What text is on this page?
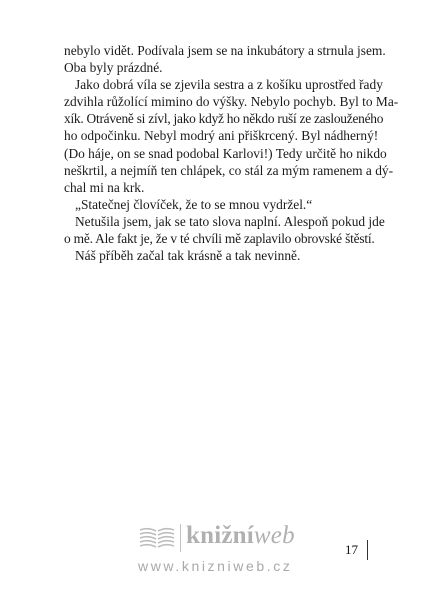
nebylo vidět. Podívala jsem se na inkubátory a strnula jsem.
Oba byly prázdné.

Jako dobrá víla se zjevila sestra a z košíku uprostřed řady
zdvihla růžolící mimino do výšky. Nebylo pochyb. Byl to Ma-
xík. Otráveně si zívl, jako když ho někdo ruší ze zaslouženého
ho odpočinku. Nebyl modrý ani přiškrcený. Byl nádherný!
(Do háje, on se snad podobal Karlovi!) Tedy určitě ho nikdo
neškrtil, a nejmíň ten chlápek, co stál za mým ramenem a dý-
chal mi na krk.

„Statečnej človíček, že to se mnou vydržel.“

Netušila jsem, jak se tato slova naplní. Alespoň pokud jde
o mě. Ale fakt je, že v té chvíli mě zaplavilo obrovské štěstí.

Náš příběh začal tak krásně a tak nevinně.

knižníweb
www.knizniweb.cz
17
